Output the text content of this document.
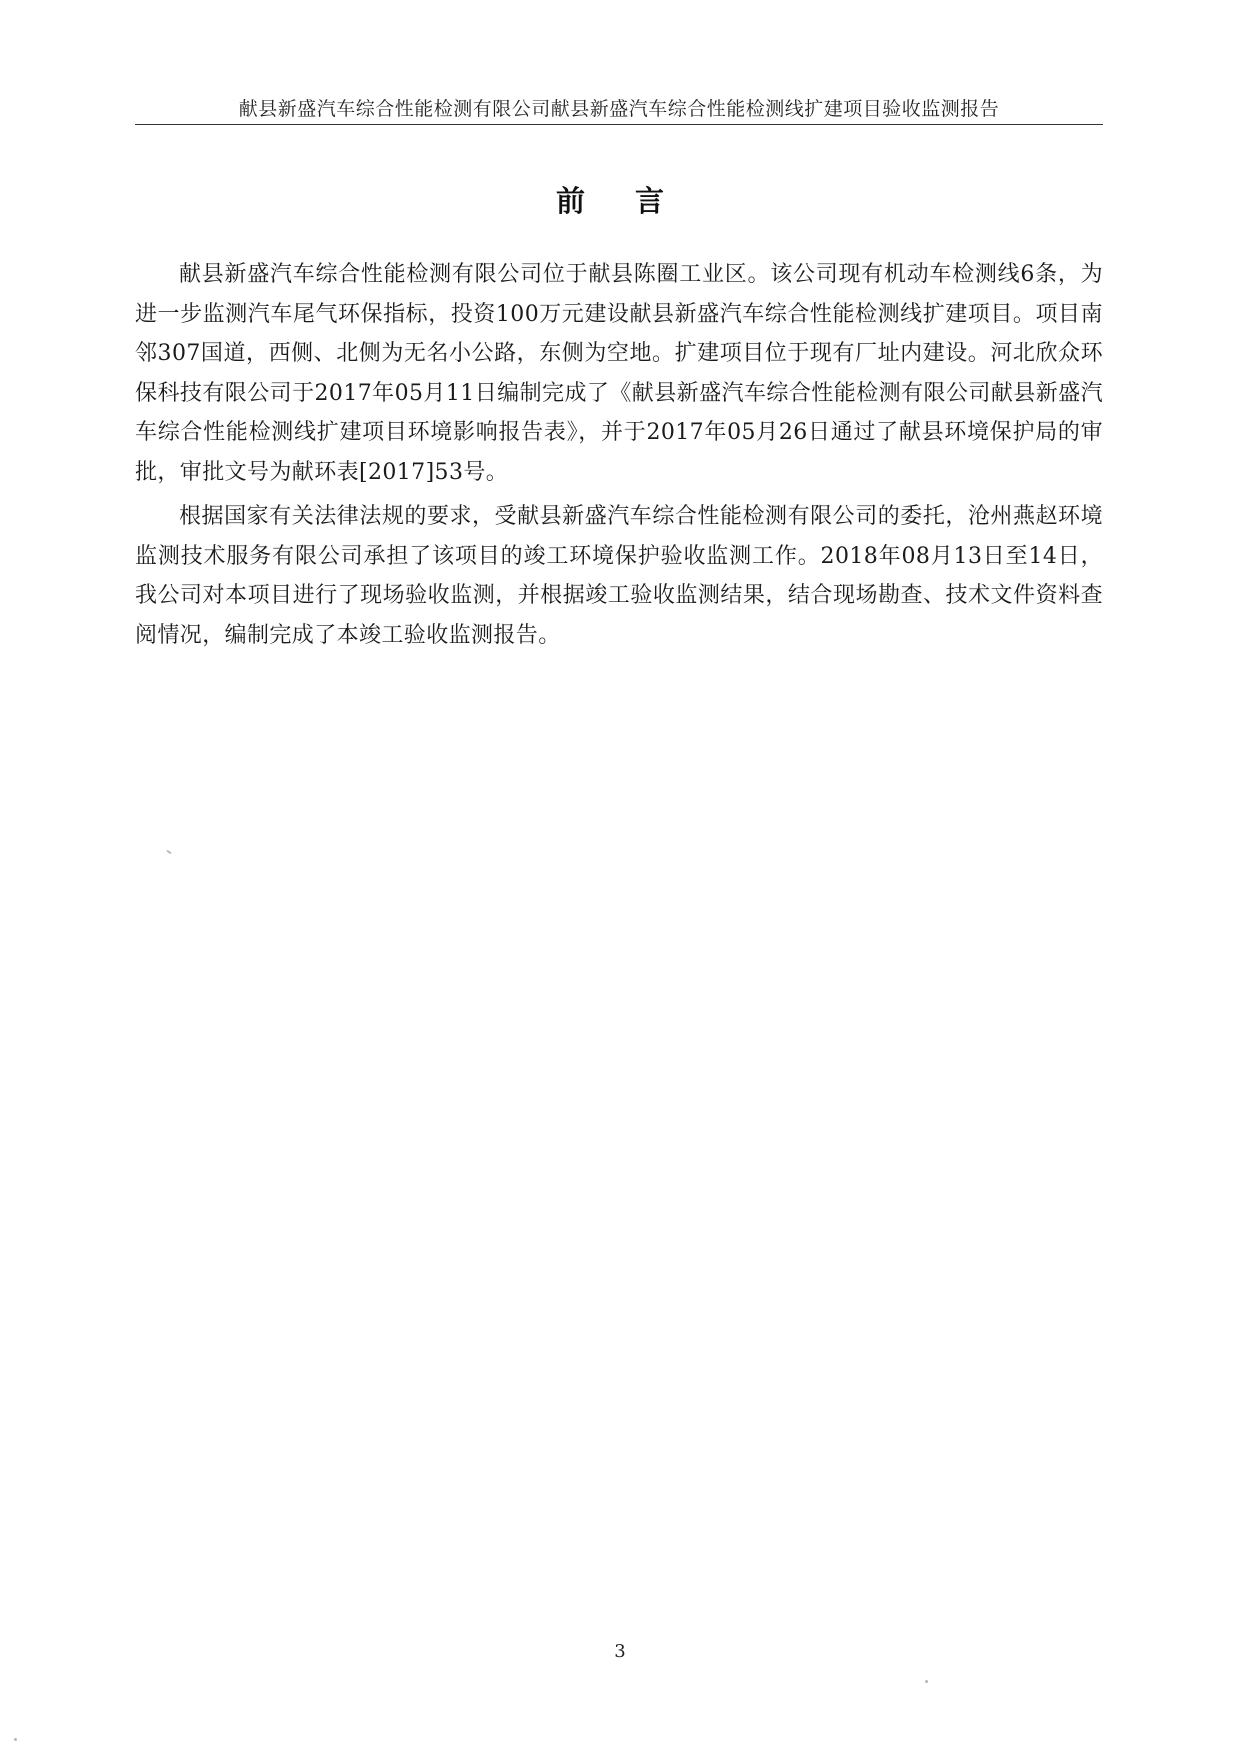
献县新盛汽车综合性能检测有限公司献县新盛汽车综合性能检测线扩建项目验收监测报告
前 言

献县新盛汽车综合性能检测有限公司位于献县陈圈工业区。该公司现有机动车检测线6条，为进一步监测汽车尾气环保指标，投资100万元建设献县新盛汽车综合性能检测线扩建项目。项目南邻307国道，西侧、北侧为无名小公路，东侧为空地。扩建项目位于现有厂址内建设。河北欣众环保科技有限公司于2017年05月11日编制完成了《献县新盛汽车综合性能检测有限公司献县新盛汽车综合性能检测线扩建项目环境影响报告表》，并于2017年05月26日通过了献县环境保护局的审批，审批文号为献环表[2017]53号。

根据国家有关法律法规的要求，受献县新盛汽车综合性能检测有限公司的委托，沧州燕赵环境监测技术服务有限公司承担了该项目的竣工环境保护验收监测工作。2018年08月13日至14日，我公司对本项目进行了现场验收监测，并根据竣工验收监测结果，结合现场勘查、技术文件资料查阅情况，编制完成了本竣工验收监测报告。

3
